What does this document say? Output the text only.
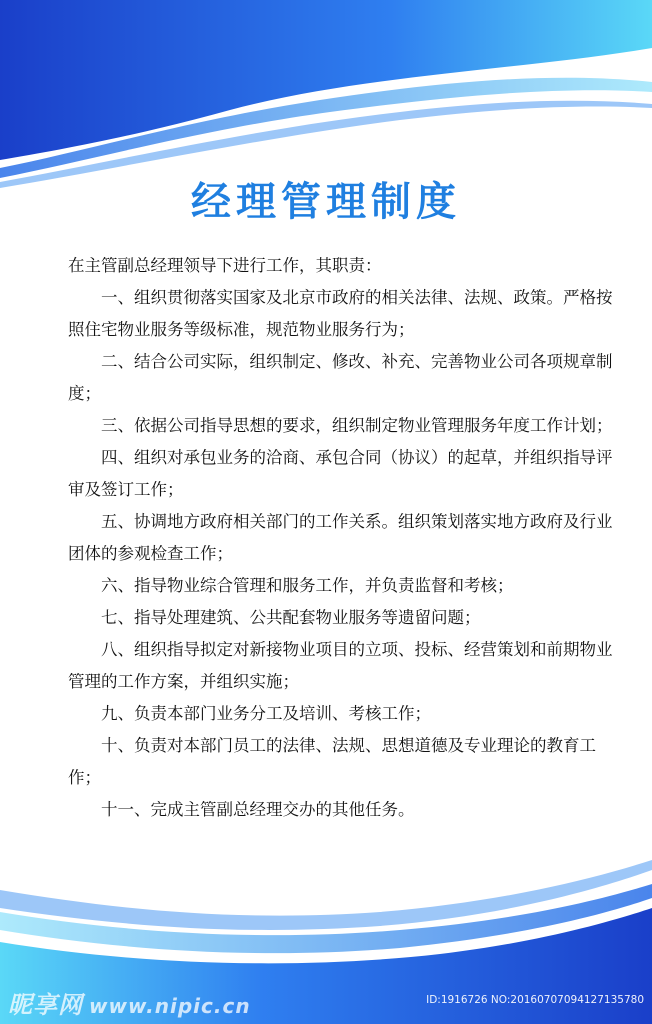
经理管理制度

在主管副总经理领导下进行工作，其职责：

一、组织贯彻落实国家及北京市政府的相关法律、法规、政策。严格按照住宅物业服务等级标准，规范物业服务行为；

二、结合公司实际，组织制定、修改、补充、完善物业公司各项规章制度；

三、依据公司指导思想的要求，组织制定物业管理服务年度工作计划；

四、组织对承包业务的洽商、承包合同（协议）的起草，并组织指导评审及签订工作；

五、协调地方政府相关部门的工作关系。组织策划落实地方政府及行业团体的参观检查工作；

六、指导物业综合管理和服务工作，并负责监督和考核；

七、指导处理建筑、公共配套物业服务等遗留问题；

八、组织指导拟定对新接物业项目的立项、投标、经营策划和前期物业管理的工作方案，并组织实施；

九、负责本部门业务分工及培训、考核工作；

十、负责对本部门员工的法律、法规、思想道德及专业理论的教育工作；

十一、完成主管副总经理交办的其他任务。

昵享网 www.nipic.cn	ID:1916726 NO:20160707094127135780
